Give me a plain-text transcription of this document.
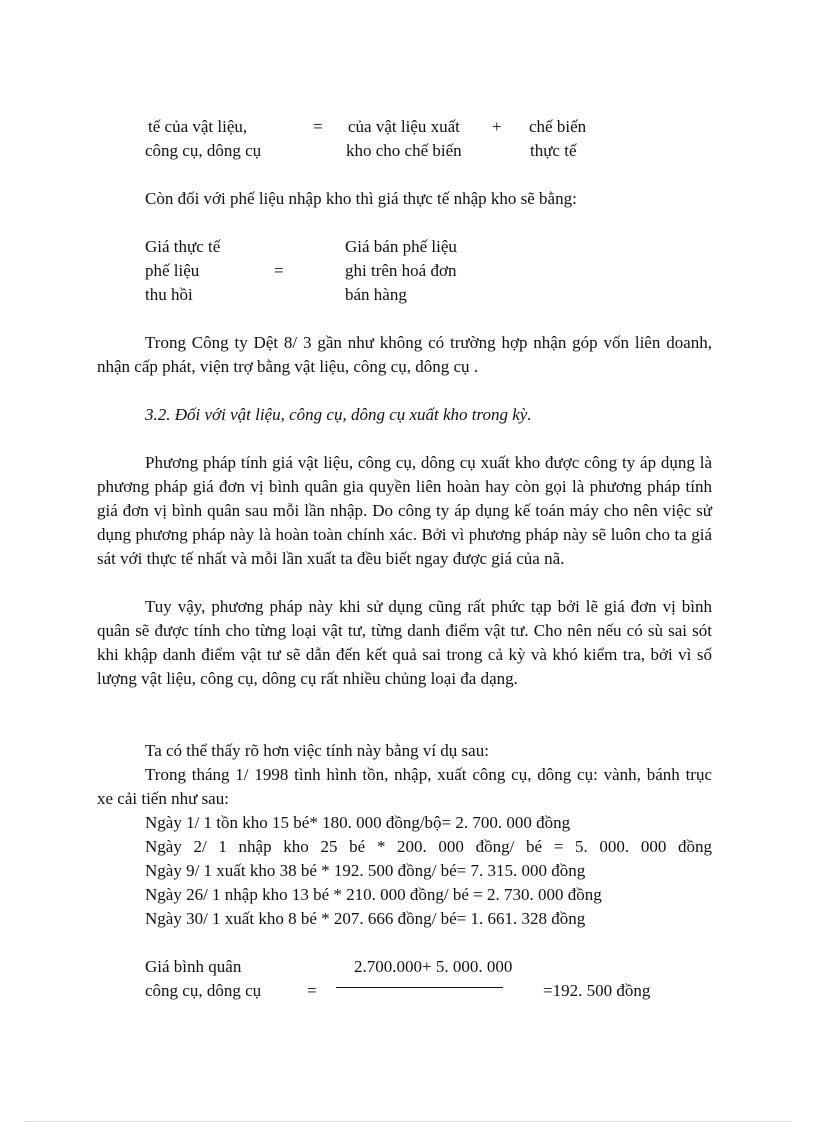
tế của vật liệu,
công cụ, dông cụ
= của vật liệu xuất
kho cho chế biến
+ chế biến
thực tế
Còn đối với phế liệu nhập kho thì giá thực tế nhập kho sẽ bằng:
Giá thực tế
phế liệu
thu hồi
=
Giá bán phế liệu
ghi trên hoá đơn
bán hàng
Trong Công ty Dệt 8/ 3 gần như không có trường hợp nhận góp vốn liên doanh, nhận cấp phát, viện trợ bằng vật liệu, công cụ, dông cụ .
3.2. Đối với vật liệu, công cụ, dông cụ xuất kho trong kỳ.
Phương pháp tính giá vật liệu, công cụ, dông cụ xuất kho được công ty áp dụng là phương pháp giá đơn vị bình quân gia quyền liên hoàn hay còn gọi là phương pháp tính giá đơn vị bình quân sau mỗi lần nhập. Do công ty áp dụng kế toán máy cho nên việc sử dụng phương pháp này là hoàn toàn chính xác. Bởi vì phương pháp này sẽ luôn cho ta giá sát với thực tế nhất và mỗi lần xuất ta đều biết ngay được giá của nã.
Tuy vậy, phương pháp này khi sử dụng cũng rất phức tạp bởi lẽ giá đơn vị bình quân sẽ được tính cho từng loại vật tư, từng danh điểm vật tư. Cho nên nếu có sù sai sót khi khập danh điểm vật tư sẽ dẫn đến kết quả sai trong cả kỳ và khó kiểm tra, bởi vì số lượng vật liệu, công cụ, dông cụ rất nhiều chủng loại đa dạng.
Ta có thể thấy rõ hơn việc tính này bằng ví dụ sau:
Trong tháng 1/ 1998 tình hình tồn, nhập, xuất công cụ, dông cụ: vành, bánh trục      xe cải tiến như sau:
Ngày 1/ 1 tồn kho 15 bé* 180. 000 đồng/bộ= 2. 700. 000 đồng
Ngày 2/ 1 nhập kho 25 bé * 200. 000 đồng/ bé = 5. 000. 000 đồng
Ngày 9/ 1 xuất kho 38 bé * 192. 500 đồng/ bé= 7. 315. 000 đồng
Ngày 26/ 1 nhập kho 13 bé * 210. 000 đồng/ bé = 2. 730. 000 đồng
Ngày 30/ 1 xuất kho 8 bé * 207. 666 đồng/ bé= 1. 661. 328 đồng
Giá bình quân
công cụ, dông cụ	=
2.700.000+ 5. 000. 000
=192. 500 đồng
